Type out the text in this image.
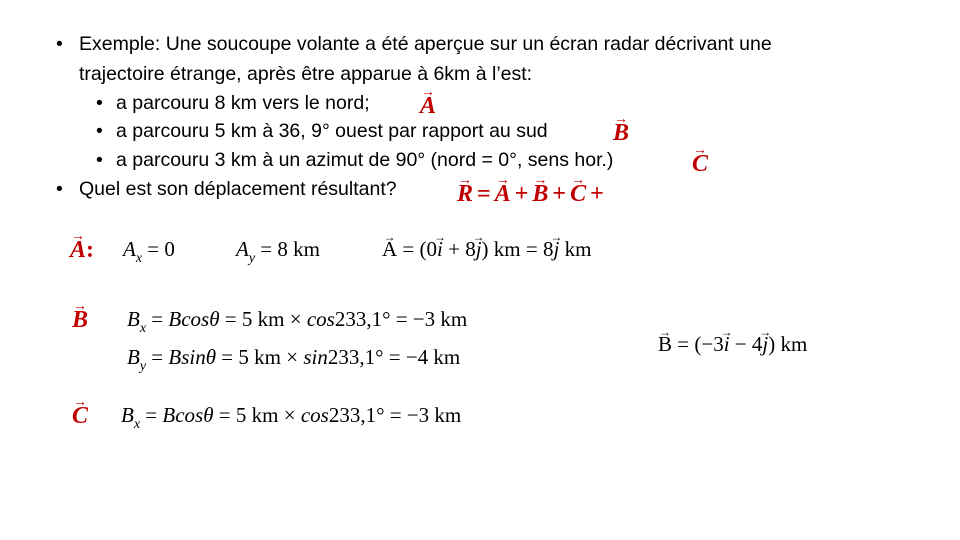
• Exemple: Une soucoupe volante a été aperçue sur un écran radar décrivant une
trajectoire étrange, après être apparue à 6km à l’est:
• a parcouru 8 km vers le nord; → A
• a parcouru 5 km à 36, 9° ouest par rapport au sud	→ B
• a parcouru 3 km à un azimut de 90° (nord = 0°, sens hor.)	→ C
• Quel est son déplacement résultant?	→ R = → A + → B + → C +
→ A: $A_x = 0$	$A_y = 8$ km	→ A = (0→ i + 8→ j) km = 8→ j km
→ B $B_x = Bcos\theta = 5$ km × cos233,1° = −3 km
$B_y = Bsin\theta = 5$ km × sin233,1° = −4 km
→ B = (−3→ i − 4→ j) km
→ C $B_x = Bcos\theta = 5$ km × cos233,1° = −3 km
